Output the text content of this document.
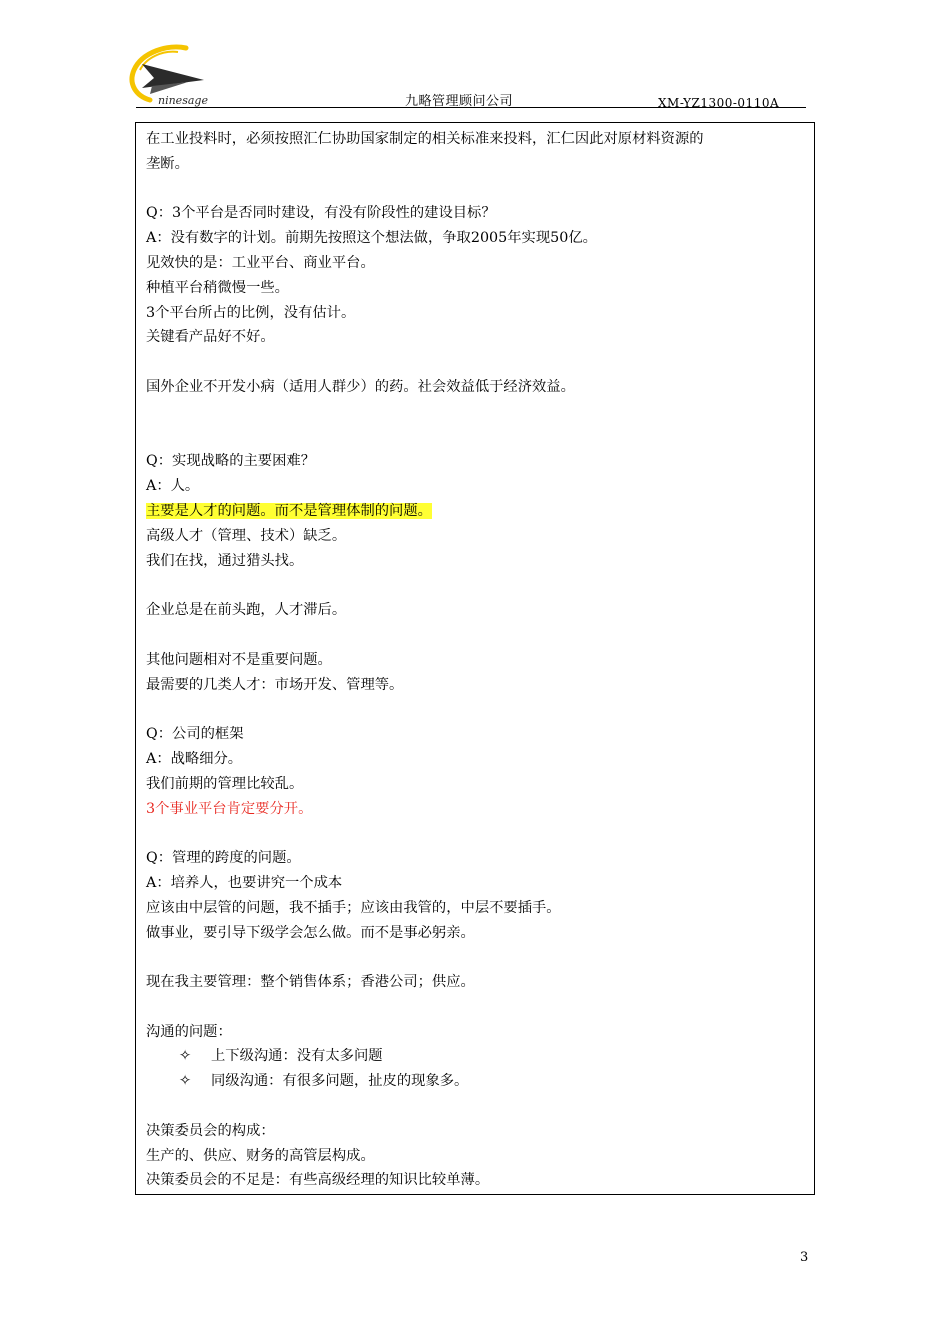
ninesage	九略管理顾问公司	XM-YZ1300-0110A
在工业投料时，必须按照汇仁协助国家制定的相关标准来投料，汇仁因此对原材料资源的
垄断。
Q：3个平台是否同时建设，有没有阶段性的建设目标？
A：没有数字的计划。前期先按照这个想法做，争取2005年实现50亿。
见效快的是：工业平台、商业平台。
种植平台稍微慢一些。
3个平台所占的比例，没有估计。
关键看产品好不好。
国外企业不开发小病（适用人群少）的药。社会效益低于经济效益。
Q：实现战略的主要困难？
A：人。
主要是人才的问题。而不是管理体制的问题。
高级人才（管理、技术）缺乏。
我们在找，通过猎头找。
企业总是在前头跑，人才滞后。
其他问题相对不是重要问题。
最需要的几类人才：市场开发、管理等。
Q：公司的框架
A：战略细分。
我们前期的管理比较乱。
3个事业平台肯定要分开。
Q：管理的跨度的问题。
A：培养人，也要讲究一个成本
应该由中层管的问题，我不插手；应该由我管的，中层不要插手。
做事业，要引导下级学会怎么做。而不是事必躬亲。
现在我主要管理：整个销售体系；香港公司；供应。
沟通的问题：
✧ 上下级沟通：没有太多问题
✧ 同级沟通：有很多问题，扯皮的现象多。
决策委员会的构成：
生产的、供应、财务的高管层构成。
决策委员会的不足是：有些高级经理的知识比较单薄。
3
